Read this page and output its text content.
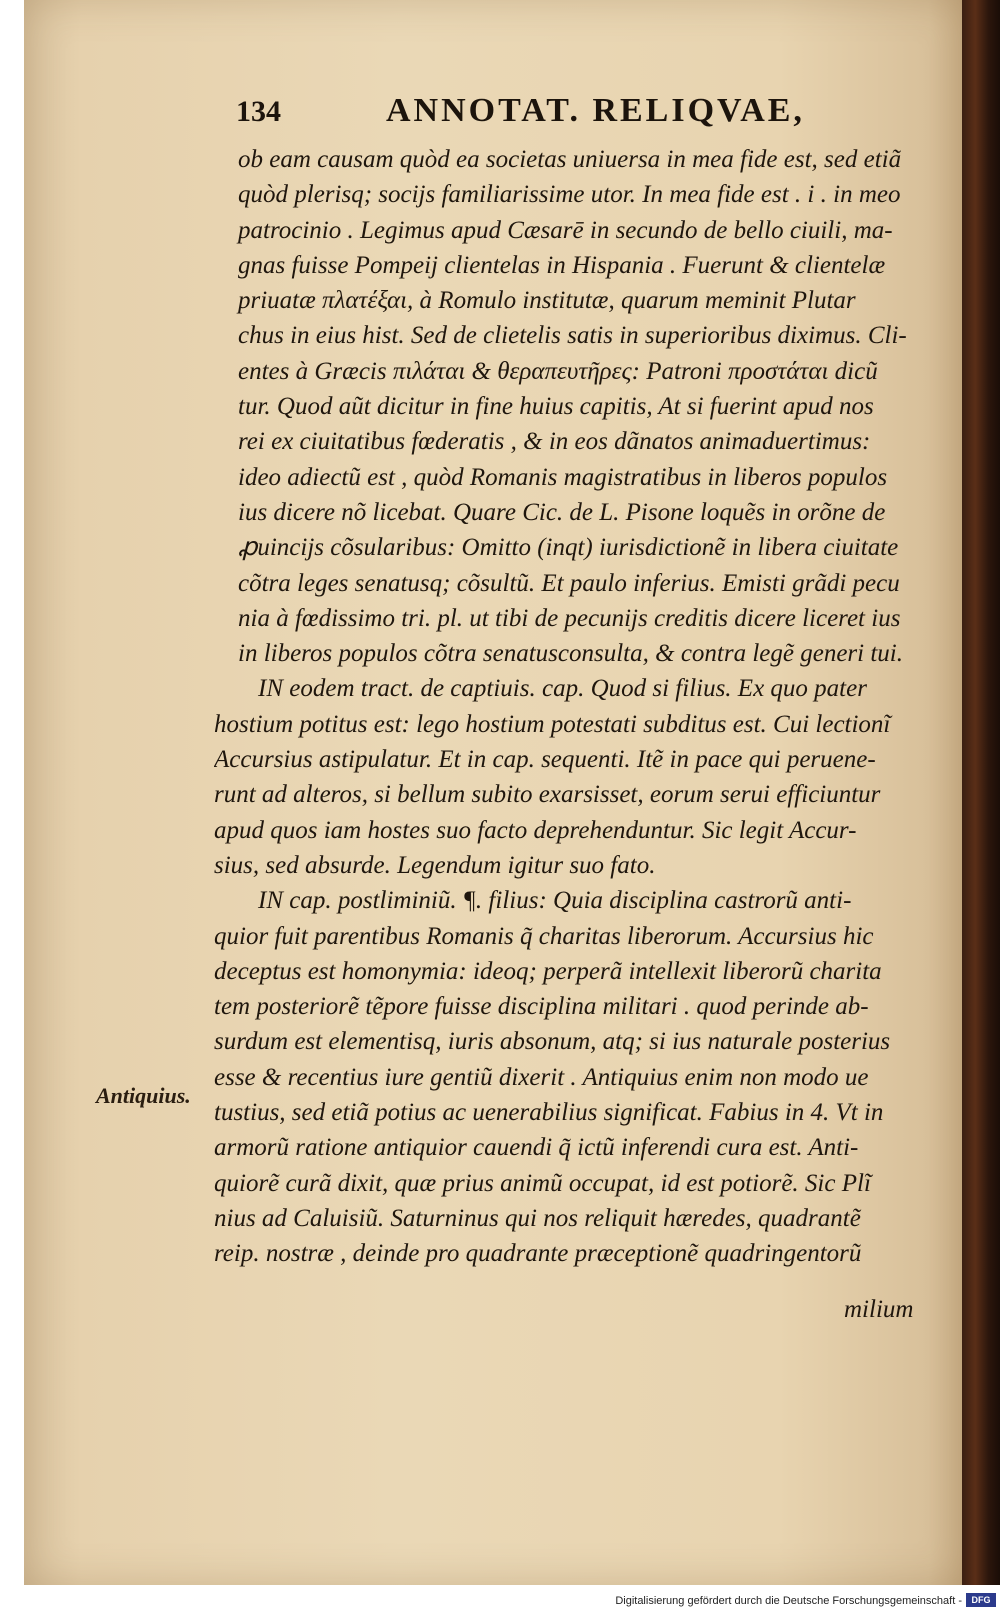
134	ANNOTAT. RELIQVAE,
ob eam causam quòd ea societas uniuersa in mea fide est, sed etiã
quòd plerisq; socijs familiarissime utor. In mea fide est . i . in meo
patrocinio . Legimus apud Cæsarē in secundo de bello ciuili, ma-
gnas fuisse Pompeij clientelas in Hispania . Fuerunt & clientelæ
priuatæ πλατέξαι, à Romulo institutæ, quarum meminit Plutar
chus in eius hist. Sed de clietelis satis in superioribus diximus. Cli-
entes à Græcis πιλάται & θεραπευτῆρες: Patroni προστάται dicũ
tur. Quod aũt dicitur in fine huius capitis, At si fuerint apud nos
rei ex ciuitatibus fœderatis , & in eos dãnatos animaduertimus:
ideo adiectũ est , quòd Romanis magistratibus in liberos populos
ius dicere nõ licebat. Quare Cic. de L. Pisone loquẽs in orõne de
ꝓuincijs cõsularibus: Omitto (inqt) iurisdictionẽ in libera ciuitate
cõtra leges senatusq; cõsultũ. Et paulo inferius. Emisti grãdi pecu
nia à fœdissimo tri. pl. ut tibi de pecunijs creditis dicere liceret ius
in liberos populos cõtra senatusconsulta, & contra legẽ generi tui.
IN eodem tract. de captiuis. cap. Quod si filius. Ex quo pater
hostium potitus est: lego hostium potestati subditus est. Cui lectionĩ
Accursius astipulatur. Et in cap. sequenti. Itẽ in pace qui peruene-
runt ad alteros, si bellum subito exarsisset, eorum serui efficiuntur
apud quos iam hostes suo facto deprehenduntur. Sic legit Accur-
sius, sed absurde. Legendum igitur suo fato.
IN cap. postliminiũ. ¶. filius: Quia disciplina castrorũ anti-
quior fuit parentibus Romanis q̃ charitas liberorum. Accursius hic
deceptus est homonymia: ideoq; perperã intellexit liberorũ charita
tem posteriorẽ tẽpore fuisse disciplina militari . quod perinde ab-
surdum est elementisq, iuris absonum, atq; si ius naturale posterius
esse & recentius iure gentiũ dixerit . Antiquius enim non modo ue
tustius, sed etiã potius ac uenerabilius significat. Fabius in 4. Vt in
armorũ ratione antiquior cauendi q̃ ictũ inferendi cura est. Anti-
quiorẽ curã dixit, quæ prius animũ occupat, id est potiorẽ. Sic Plĩ
nius ad Caluisiũ. Saturninus qui nos reliquit hæredes, quadrantẽ
reip. nostræ , deinde pro quadrante præceptionẽ quadringentorũ
Antiquius.
milium
Digitalisierung gefördert durch die Deutsche Forschungsgemeinschaft -	DFG
